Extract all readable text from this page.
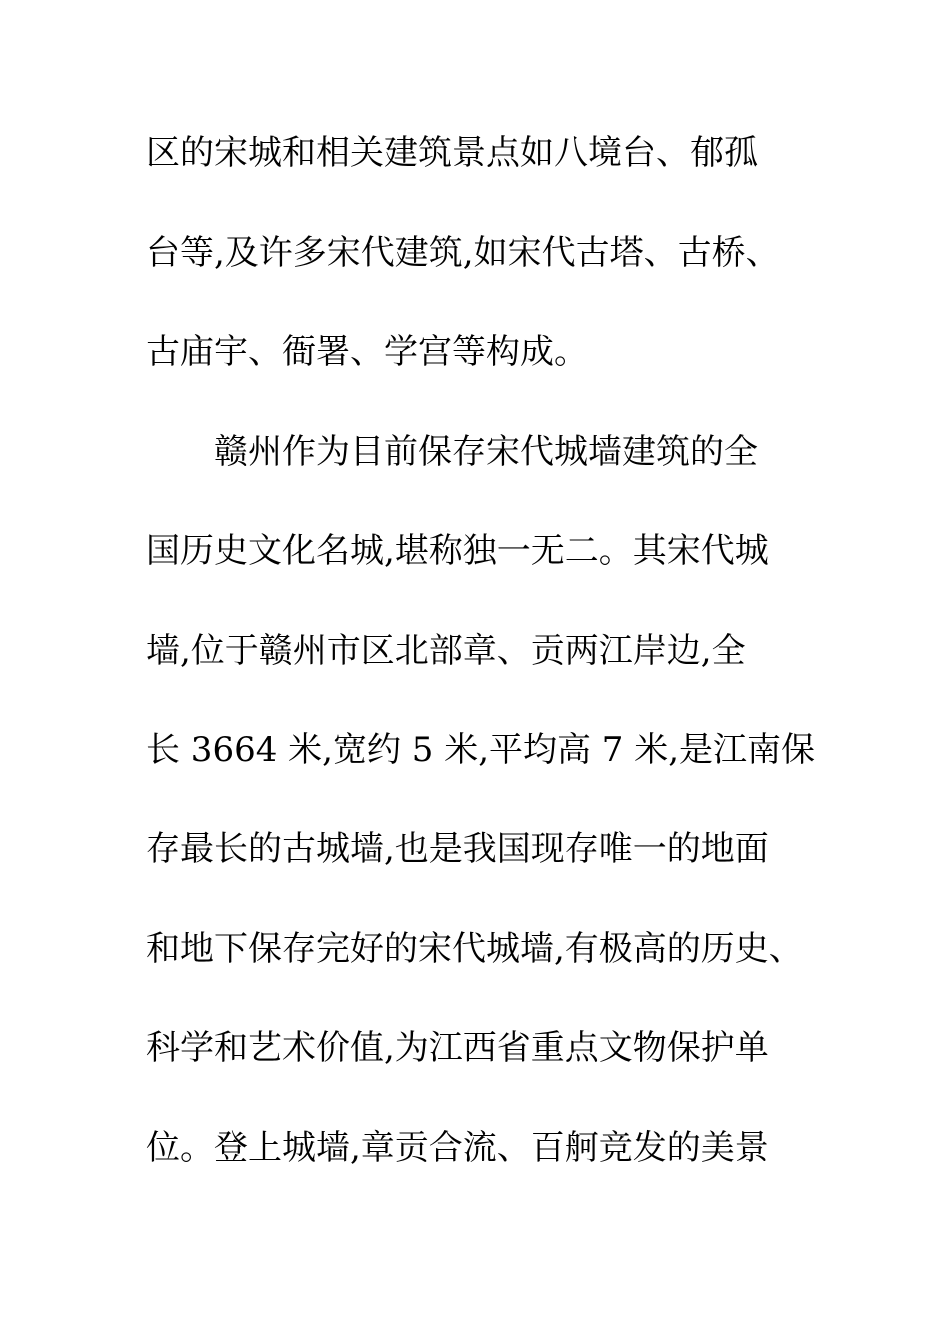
区的宋城和相关建筑景点如八境台、郁孤
台等,及许多宋代建筑,如宋代古塔、古桥、
古庙宇、衙署、学宫等构成。
赣州作为目前保存宋代城墙建筑的全
国历史文化名城,堪称独一无二。其宋代城
墙,位于赣州市区北部章、贡两江岸边,全
长 3664 米,宽约 5 米,平均高 7 米,是江南保
存最长的古城墙,也是我国现存唯一的地面
和地下保存完好的宋代城墙,有极高的历史、
科学和艺术价值,为江西省重点文物保护单
位。登上城墙,章贡合流、百舸竞发的美景
